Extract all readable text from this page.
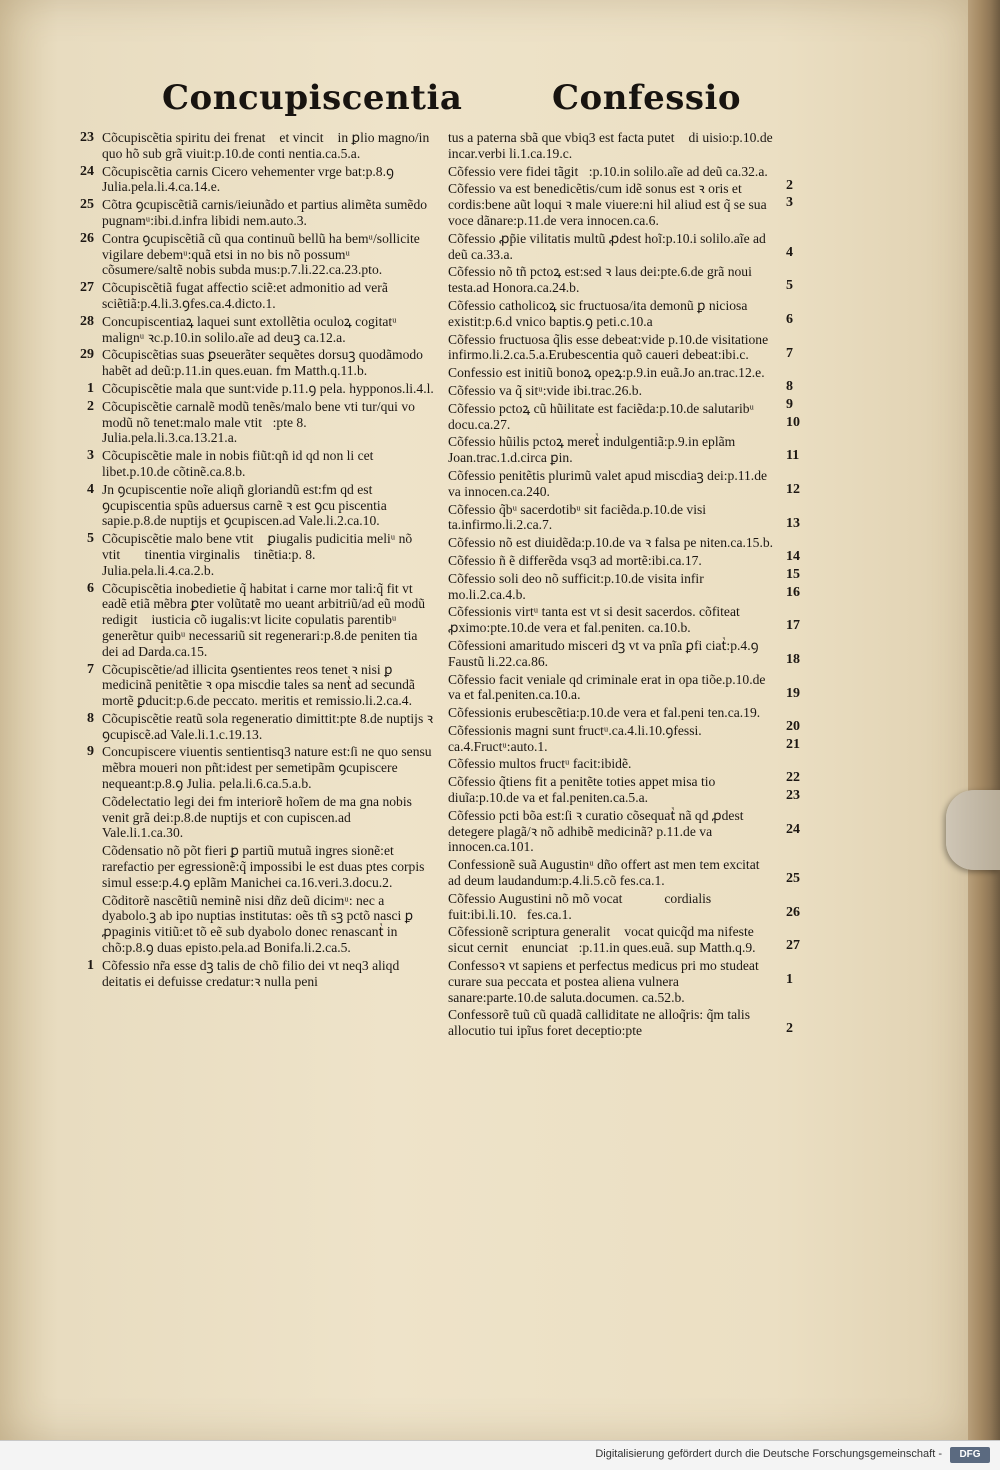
Concupiscentia	Confessio
23 Cõcupiscẽtia spiritu dei frenatᷣ et vincitᷣ in ꝑlio magno/in quo hõ sub grã viuit:p.10.de conti nentia.ca.5.a.
24 Cõcupiscẽtia carnis Cicero vehementer vrge bat:p.8.ꝯ Julia.pela.li.4.ca.14.e.
25 Cõtra ꝯcupiscẽtiã carnis/ieiunãdo et partius alimẽta sumẽdo pugnamᵘ:ibi.d.infra libidi nem.auto.3.
26 Contra ꝯcupiscẽtiã cũ qua continuũ bellũ ha bemᵘ/sollicite vigilare debemᵘ:quã etsi in no bis nõ possumᵘ cõsumere/saltẽ nobis subda mus:p.7.li.22.ca.23.pto.
27 Cõcupiscẽtiã fugat affectio sciẽ:et admonitio ad verã sciẽtiã:p.4.li.3.ꝯfes.ca.4.dicto.1.
28 Concupiscentiaꝝ laquei sunt extollẽtia oculoꝝ cogitatᵘ malignᵘ ꝛc.p.10.in solilo.aĩe ad deuꝫ ca.12.a.
29 Cõcupiscẽtias suas ꝑseuerãter sequẽtes dorsuꝫ quodãmodo habẽt ad deũ:p.11.in ques.euan. fm Matth.q.11.b.
1 Cõcupiscẽtie mala que sunt:vide p.11.ꝯ pela. hypponos.li.4.l.
2 Cõcupiscẽtie carnalẽ modũ tenẽs/malo bene vti tur/qui vo modũ nõ tenet:malo male vtitᷣ:pte 8.ꝯ Julia.pela.li.3.ca.13.21.a.
3 Cõcupiscẽtie male in nobis fiũt:qñ id qd non li cet libet.p.10.de cõtinẽ.ca.8.b.
4 Jn ꝯcupiscentie noĩe aliqñ gloriandũ est:fm qd est ꝯcupiscentia spũs aduersus carnẽ ꝛ est ꝯcu piscentia sapie.p.8.de nuptijs et ꝯcupiscen.ad Vale.li.2.ca.10.
5 Cõcupiscẽtie malo bene vtitᷣ ꝑiugalis pudicitia meliᵘ nõ vtitᷣ ꝯtinentia virginalis ꝯtinẽtia:p. 8.ꝯ Julia.pela.li.4.ca.2.b.
6 Cõcupiscẽtia inobedietie q̃ habitat i carne mor tali:q̃ fit vt eadẽ etiã mẽbra ꝑter volũtatẽ mo ueant arbitriũ/ad eũ modũ redigitᷣ iusticia cõ iugalis:vt licite copulatis parentibᵘ generẽtur quibᵘ necessariũ sit regenerari:p.8.de peniten tia dei ad Darda.ca.15.
7 Cõcupiscẽtie/ad illicita ꝯsentientes reos tenet ꝛ nisi ꝑ medicinã penitẽtie ꝛ opa miscdie tales sa nentᷣ ad secundã mortẽ ꝑducit:p.6.de peccato. meritis et remissio.li.2.ca.4.
8 Cõcupiscẽtie reatũ sola regeneratio dimittit:pte 8.de nuptijs ꝛ ꝯcupiscẽ.ad Vale.li.1.c.19.13.
9 Concupiscere viuentis sentientisq3 nature est:ſi ne quo sensu mẽbra moueri non pñt:idest per semetipãm ꝯcupiscere nequeant:p.8.ꝯ Julia. pela.li.6.ca.5.a.b.
Cõdelectatio legi dei fm interiorẽ hoĩem de ma gna nobis venit grã dei:p.8.de nuptijs et con cupiscen.ad Vale.li.1.ca.30.
Cõdensatio nõ põt fieri ꝑ partiũ mutuã ingres sionẽ:et rarefactio per egressionẽ:q̃ impossibi le est duas ptes corpis simul esse:p.4.ꝯ eplãm Manichei ca.16.veri.3.docu.2.
Cõditorẽ nascẽtiũ neminẽ nisi dñz deũ dicimᵘ: nec a dyabolo.ꝫ ab ipo nuptias institutas: oẽs tñ sꝫ pctõ nasci ꝑ ꝓpaginis vitiũ:et tõ eẽ sub dyabolo donec renascantᷣ in chõ:p.8.ꝯ duas episto.pela.ad Bonifa.li.2.ca.5.
1 Cõfessio nr̃a esse dꝫ talis de chõ filio dei vt neq3 aliqd deitatis ei defuisse credatur:ꝛ nulla peni
tus a paterna sbã que vbiq3 est facta putetᷣ di uisio:p.10.de incar.verbi li.1.ca.19.c.
2
Cõfessio vere fidei tãgitᷣ:p.10.in solilo.aĩe ad deũ ca.32.a.
3
Cõfessio va est benedicẽtis/cum idẽ sonus est ꝛ oris et cordis:bene aũt loqui ꝛ male viuere:ni hil aliud est q̃ se sua voce dãnare:p.11.de vera innocen.ca.6.
4
Cõfessio ꝓp̃ie vilitatis multũ ꝓdest hoĩ:p.10.i solilo.aĩe ad deũ ca.33.a.
5
Cõfessio nõ tñ pctoꝝ est:sed ꝛ laus dei:pte.6.de grã noui testa.ad Honora.ca.24.b.
6
Cõfessio catholicoꝝ sic fructuosa/ita demonũ ꝑ niciosa existit:p.6.d vnico baptis.ꝯ peti.c.10.a
7
Cõfessio fructuosa q̃lis esse debeat:vide p.10.de visitatione infirmo.li.2.ca.5.a.Erubescentia quõ caueri debeat:ibi.c.
8
Confessio est initiũ bonoꝝ opeꝝ:p.9.in euã.Jo an.trac.12.e.
9
Cõfessio va q̃ sitᵘ:vide ibi.trac.26.b.
10
Cõfessio pctoꝝ cũ hũilitate est faciẽda:p.10.de salutaribᵘ docu.ca.27.
11
Cõfessio hũilis pctoꝝ meretᷣ indulgentiã:p.9.in eplãm Joan.trac.1.d.circa ꝑin.
12
Cõfessio penitẽtis plurimũ valet apud miscdiaꝫ dei:p.11.de va innocen.ca.240.
13
Cõfessio q̃bᵘ sacerdotibᵘ sit faciẽda.p.10.de visi ta.infirmo.li.2.ca.7.
14
Cõfessio nõ est diuidẽda:p.10.de va ꝛ falsa pe niten.ca.15.b.
15
Cõfessio ñ ẽ differẽda vsq3 ad mortẽ:ibi.ca.17.
16
Cõfessio soli deo nõ sufficit:p.10.de visita infir mo.li.2.ca.4.b.
17
Cõfessionis virtᵘ tanta est vt si desit sacerdos. cõfiteatᷣ ꝓximo:pte.10.de vera et fal.peniten. ca.10.b.
18
Cõfessioni amaritudo misceri dꝫ vt va pnĩa ꝑfi ciatᷣ:p.4.ꝯ Faustũ li.22.ca.86.
19
Cõfessio facit veniale qd criminale erat in opa tiõe.p.10.de va et fal.peniten.ca.10.a.
20
Cõfessionis erubescẽtia:p.10.de vera et fal.peni ten.ca.19.
21
Cõfessionis magni sunt fructᵘ.ca.4.li.10.ꝯfessi. ca.4.Fructᵘ:auto.1.
22
Cõfessio multos fructᵘ facit:ibidẽ.
23
Cõfessio q̃tiens fit a penitẽte toties appet misa tio diuĩa:p.10.de va et fal.peniten.ca.5.a.
24
Cõfessio pcti bõa est:ſi ꝛ curatio cõsequatᷣ nã qd ꝓdest detegere plagã/ꝛ nõ adhibẽ medicinã? p.11.de va innocen.ca.101.
25
Confessionẽ suã Augustinᵘ dño offert ast men tem excitat ad deum laudandum:p.4.li.5.cõ fes.ca.1.
26
Cõfessio Augustini nõ mõ vocatᷣ ꝫ ꝛ cordialis fuit:ibi.li.10.ꝯfes.ca.1.
27
Cõfessionẽ scriptura generalitᷣ vocat quicq̃d ma nifeste sicut cernitᷣ enunciatᷣ:p.11.in ques.euã. sup Matth.q.9.
1
Confessoꝛ vt sapiens et perfectus medicus pri mo studeat curare sua peccata et postea aliena vulnera sanare:parte.10.de saluta.documen. ca.52.b.
2
Confessorẽ tuũ cũ quadã calliditate ne alloq̃ris: q̃m talis allocutio tui ipĩus foret deceptio:pte
Digitalisierung gefördert durch die Deutsche Forschungsgemeinschaft -	DFG
